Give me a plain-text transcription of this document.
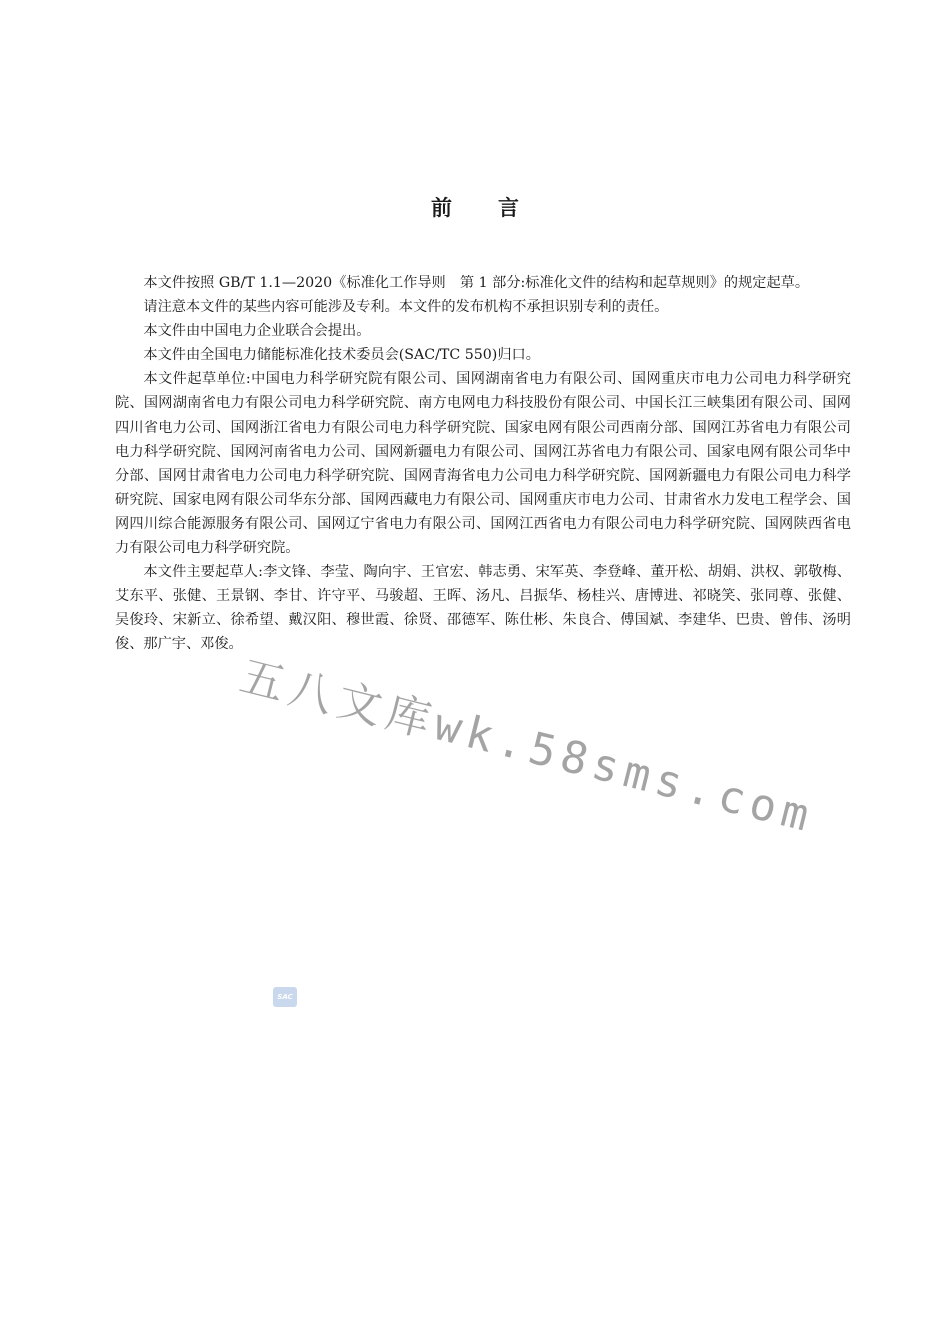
前言

本文件按照 GB/T 1.1—2020《标准化工作导则　第 1 部分:标准化文件的结构和起草规则》的规定起草。

请注意本文件的某些内容可能涉及专利。本文件的发布机构不承担识别专利的责任。

本文件由中国电力企业联合会提出。

本文件由全国电力储能标准化技术委员会(SAC/TC 550)归口。

本文件起草单位:中国电力科学研究院有限公司、国网湖南省电力有限公司、国网重庆市电力公司电力科学研究院、国网湖南省电力有限公司电力科学研究院、南方电网电力科技股份有限公司、中国长江三峡集团有限公司、国网四川省电力公司、国网浙江省电力有限公司电力科学研究院、国家电网有限公司西南分部、国网江苏省电力有限公司电力科学研究院、国网河南省电力公司、国网新疆电力有限公司、国网江苏省电力有限公司、国家电网有限公司华中分部、国网甘肃省电力公司电力科学研究院、国网青海省电力公司电力科学研究院、国网新疆电力有限公司电力科学研究院、国家电网有限公司华东分部、国网西藏电力有限公司、国网重庆市电力公司、甘肃省水力发电工程学会、国网四川综合能源服务有限公司、国网辽宁省电力有限公司、国网江西省电力有限公司电力科学研究院、国网陕西省电力有限公司电力科学研究院。

本文件主要起草人:李文锋、李莹、陶向宇、王官宏、韩志勇、宋军英、李登峰、董开松、胡娟、洪权、郭敬梅、艾东平、张健、王景钢、李甘、许守平、马骏超、王晖、汤凡、吕振华、杨桂兴、唐博进、祁晓笑、张同尊、张健、吴俊玲、宋新立、徐希望、戴汉阳、穆世霞、徐贤、邵德军、陈仕彬、朱良合、傅国斌、李建华、巴贵、曾伟、汤明俊、那广宇、邓俊。

五八文库wk.58sms.com
SAC
